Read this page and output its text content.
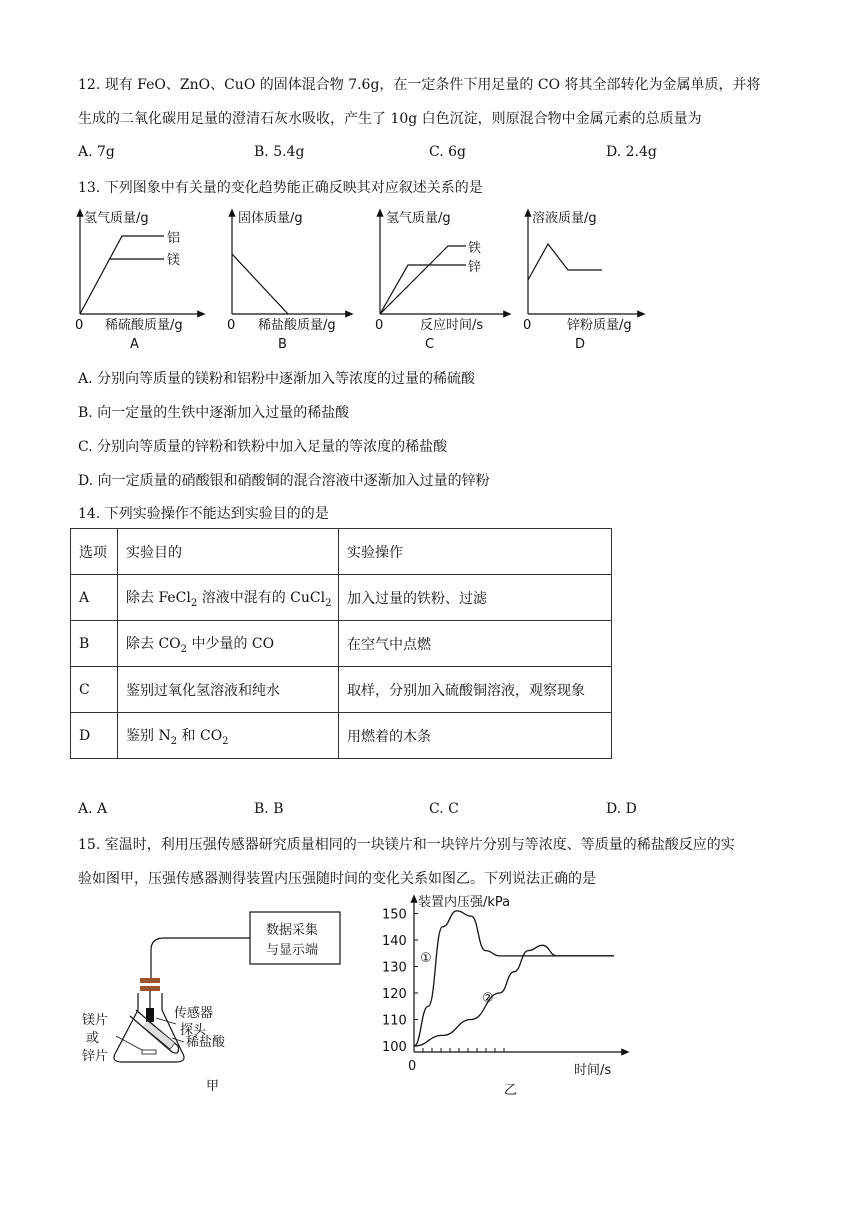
12. 现有 FeO、ZnO、CuO 的固体混合物 7.6g，在一定条件下用足量的 CO 将其全部转化为金属单质，并将
生成的二氧化碳用足量的澄清石灰水吸收，产生了 10g 白色沉淀，则原混合物中金属元素的总质量为
A. 7g	B. 5.4g	C. 6g	D. 2.4g
13. 下列图象中有关量的变化趋势能正确反映其对应叙述关系的是
氢气质量/g
铝
镁
0 稀硫酸质量/g
A
固体质量/g
0 稀盐酸质量/g
B
氢气质量/g
铁
锌
0	反应时间/s
C
溶液质量/g
0	锌粉质量/g
D
A. 分别向等质量的镁粉和铝粉中逐渐加入等浓度的过量的稀硫酸
B. 向一定量的生铁中逐渐加入过量的稀盐酸
C. 分别向等质量的锌粉和铁粉中加入足量的等浓度的稀盐酸
D. 向一定质量的硝酸银和硝酸铜的混合溶液中逐渐加入过量的锌粉
14. 下列实验操作不能达到实验目的的是
选项	实验目的	实验操作
A	除去 FeCl$_2$ 溶液中混有的 CuCl$_2$	加入过量的铁粉、过滤
B	除去 $CO_2$ 中少量的 CO	在空气中点燃
C	鉴别过氧化氢溶液和纯水	取样，分别加入硫酸铜溶液，观察现象
D	鉴别 $N_2$ 和 $CO_2$	用燃着的木条
A. A	B. B	C. C	D. D
15. 室温时，利用压强传感器研究质量相同的一块镁片和一块锌片分别与等浓度、等质量的稀盐酸反应的实
验如图甲，压强传感器测得装置内压强随时间的变化关系如图乙。下列说法正确的是
数据采集
与显示端
传感器
探头
镁片
或
锌片
稀盐酸
甲
装置内压强/kPa
时间/s
0
150
140
130
120
110
100
①
②
乙
